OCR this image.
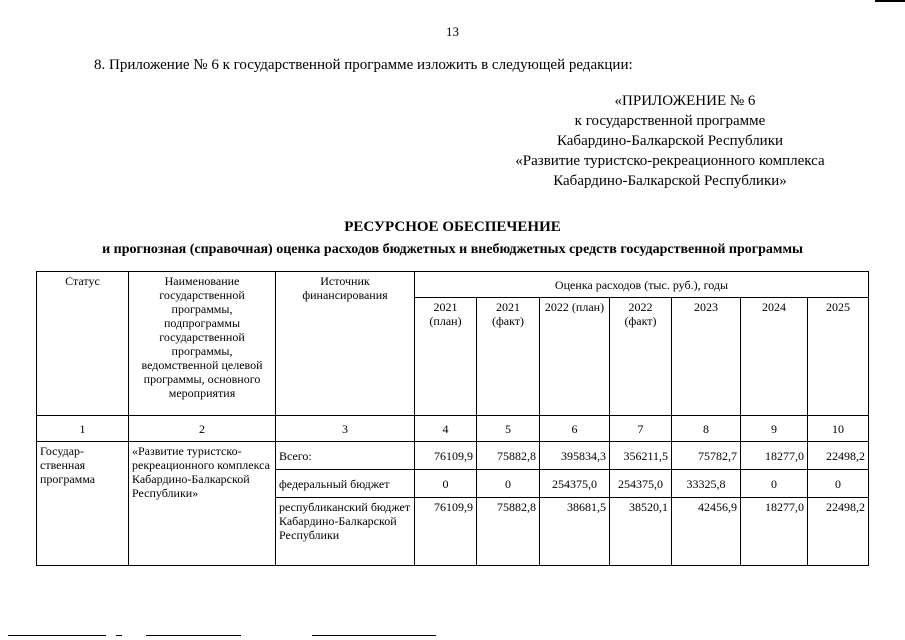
13
8. Приложение № 6 к государственной программе изложить в следующей редакции:
«ПРИЛОЖЕНИЕ № 6
к государственной программе
Кабардино-Балкарской Республики
«Развитие туристско-рекреационного комплекса
Кабардино-Балкарской Республики»
РЕСУРСНОЕ ОБЕСПЕЧЕНИЕ
и прогнозная (справочная) оценка расходов бюджетных и внебюджетных средств государственной программы
Статус	Наименование государственной программы, подпрограммы государственной программы, ведомственной целевой программы, основного мероприятия	Источник финансирования	Оценка расходов (тыс. руб.), годы						
			2021 (план)	2021 (факт)	2022 (план)	2022 (факт)	2023	2024	2025
1	2	3	4	5	6	7	8	9	10
Государ- ственная программа	«Развитие туристско- рекреационного комплекса Кабардино-Балкарской Республики»	Всего:	76109,9	75882,8	395834,3	356211,5	75782,7	18277,0	22498,2
		федеральный бюджет	0	0	254375,0	254375,0	33325,8	0	0
		республиканский бюджет Кабардино-Балкарской Республики	76109,9	75882,8	38681,5	38520,1	42456,9	18277,0	22498,2
